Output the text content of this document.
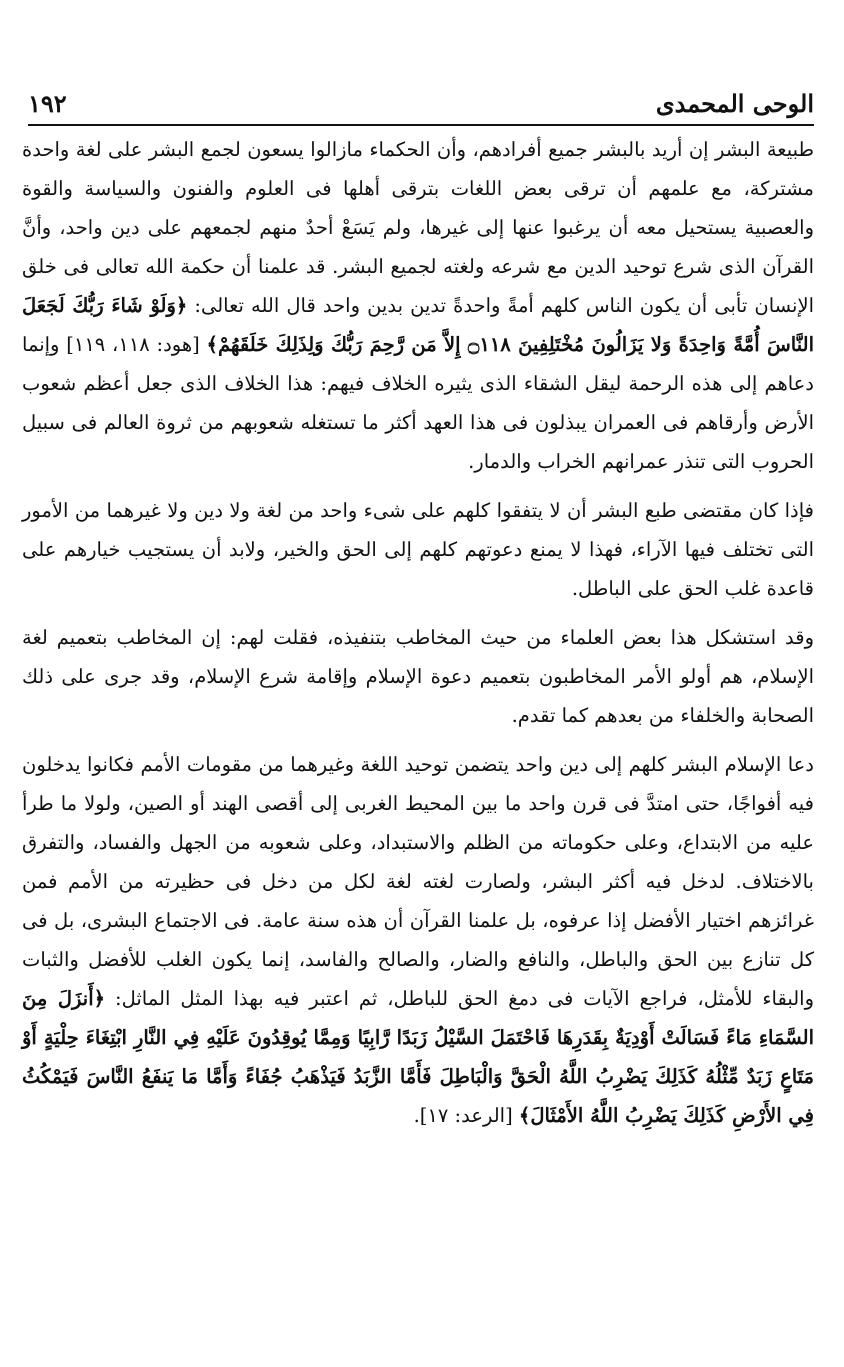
الوحى المحمدى
١٩٢

طبيعة البشر إن أريد بالبشر جميع أفرادهم، وأن الحكماء مازالوا يسعون لجمع البشر على لغة واحدة مشتركة، مع علمهم أن ترقى بعض اللغات بترقى أهلها فى العلوم والفنون والسياسة والقوة والعصبية يستحيل معه أن يرغبوا عنها إلى غيرها، ولم يَسَعْ أحدٌ منهم لجمعهم على دين واحد، وأنَّ القرآن الذى شرع توحيد الدين مع شرعه ولغته لجميع البشر. قد علمنا أن حكمة الله تعالى فى خلق الإنسان تأبى أن يكون الناس كلهم أمةً واحدةً تدين بدين واحد قال الله تعالى: ﴿وَلَوْ شَاءَ رَبُّكَ لَجَعَلَ النَّاسَ أُمَّةً وَاحِدَةً وَلا يَزَالُونَ مُخْتَلِفِينَ ۝١١٨ إِلاَّ مَن رَّحِمَ رَبُّكَ وَلِذَلِكَ خَلَقَهُمْ﴾ [هود: ١١٨، ١١٩] وإنما دعاهم إلى هذه الرحمة ليقل الشقاء الذى يثيره الخلاف فيهم: هذا الخلاف الذى جعل أعظم شعوب الأرض وأرقاهم فى العمران يبذلون فى هذا العهد أكثر ما تستغله شعوبهم من ثروة العالم فى سبيل الحروب التى تنذر عمرانهم الخراب والدمار.

فإذا كان مقتضى طبع البشر أن لا يتفقوا كلهم على شىء واحد من لغة ولا دين ولا غيرهما من الأمور التى تختلف فيها الآراء، فهذا لا يمنع دعوتهم كلهم إلى الحق والخير، ولابد أن يستجيب خيارهم على قاعدة غلب الحق على الباطل.

وقد استشكل هذا بعض العلماء من حيث المخاطب بتنفيذه، فقلت لهم: إن المخاطب بتعميم لغة الإسلام، هم أولو الأمر المخاطبون بتعميم دعوة الإسلام وإقامة شرع الإسلام، وقد جرى على ذلك الصحابة والخلفاء من بعدهم كما تقدم.

دعا الإسلام البشر كلهم إلى دين واحد يتضمن توحيد اللغة وغيرهما من مقومات الأمم فكانوا يدخلون فيه أفواجًا، حتى امتدَّ فى قرن واحد ما بين المحيط الغربى إلى أقصى الهند أو الصين، ولولا ما طرأ عليه من الابتداع، وعلى حكوماته من الظلم والاستبداد، وعلى شعوبه من الجهل والفساد، والتفرق بالاختلاف. لدخل فيه أكثر البشر، ولصارت لغته لغة لكل من دخل فى حظيرته من الأمم فمن غرائزهم اختيار الأفضل إذا عرفوه، بل علمنا القرآن أن هذه سنة عامة. فى الاجتماع البشرى، بل فى كل تنازع بين الحق والباطل، والنافع والضار، والصالح والفاسد، إنما يكون الغلب للأفضل والثبات والبقاء للأمثل، فراجع الآيات فى دمغ الحق للباطل، ثم اعتبر فيه بهذا المثل الماثل: ﴿أَنزَلَ مِنَ السَّمَاءِ مَاءً فَسَالَتْ أَوْدِيَةٌ بِقَدَرِهَا فَاحْتَمَلَ السَّيْلُ زَبَدًا رَّابِيًا وَمِمَّا يُوقِدُونَ عَلَيْهِ فِي النَّارِ ابْتِغَاءَ حِلْيَةٍ أَوْ مَتَاعٍ زَبَدٌ مِّثْلُهُ كَذَلِكَ يَضْرِبُ اللَّهُ الْحَقَّ وَالْبَاطِلَ فَأَمَّا الزَّبَدُ فَيَذْهَبُ جُفَاءً وَأَمَّا مَا يَنفَعُ النَّاسَ فَيَمْكُثُ فِي الأَرْضِ كَذَلِكَ يَضْرِبُ اللَّهُ الأَمْثَالَ﴾ [الرعد: ١٧].
